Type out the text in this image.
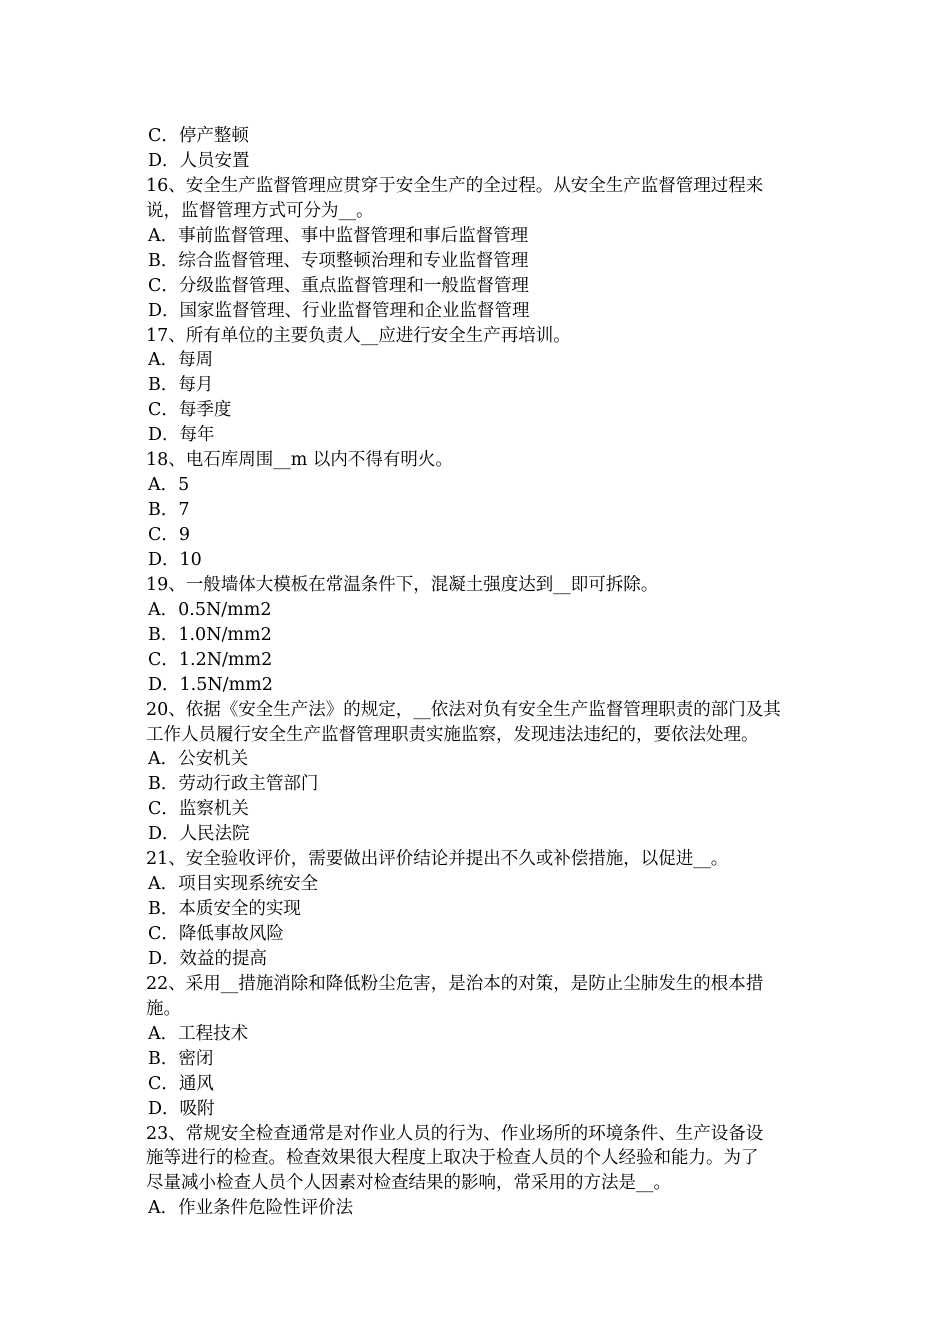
C．停产整顿
D．人员安置
16、安全生产监督管理应贯穿于安全生产的全过程。从安全生产监督管理过程来
说，监督管理方式可分为__。
A．事前监督管理、事中监督管理和事后监督管理
B．综合监督管理、专项整顿治理和专业监督管理
C．分级监督管理、重点监督管理和一般监督管理
D．国家监督管理、行业监督管理和企业监督管理
17、所有单位的主要负责人__应进行安全生产再培训。
A．每周
B．每月
C．每季度
D．每年
18、电石库周围__m 以内不得有明火。
A．5
B．7
C．9
D．10
19、一般墙体大模板在常温条件下，混凝土强度达到__即可拆除。
A．0.5N/mm2
B．1.0N/mm2
C．1.2N/mm2
D．1.5N/mm2
20、依据《安全生产法》的规定，__依法对负有安全生产监督管理职责的部门及其
工作人员履行安全生产监督管理职责实施监察，发现违法违纪的，要依法处理。
A．公安机关
B．劳动行政主管部门
C．监察机关
D．人民法院
21、安全验收评价，需要做出评价结论并提出不久或补偿措施，以促进__。
A．项目实现系统安全
B．本质安全的实现
C．降低事故风险
D．效益的提高
22、采用__措施消除和降低粉尘危害，是治本的对策，是防止尘肺发生的根本措
施。
A．工程技术
B．密闭
C．通风
D．吸附
23、常规安全检查通常是对作业人员的行为、作业场所的环境条件、生产设备设
施等进行的检查。检查效果很大程度上取决于检查人员的个人经验和能力。为了
尽量减小检查人员个人因素对检查结果的影响，常采用的方法是__。
A．作业条件危险性评价法
